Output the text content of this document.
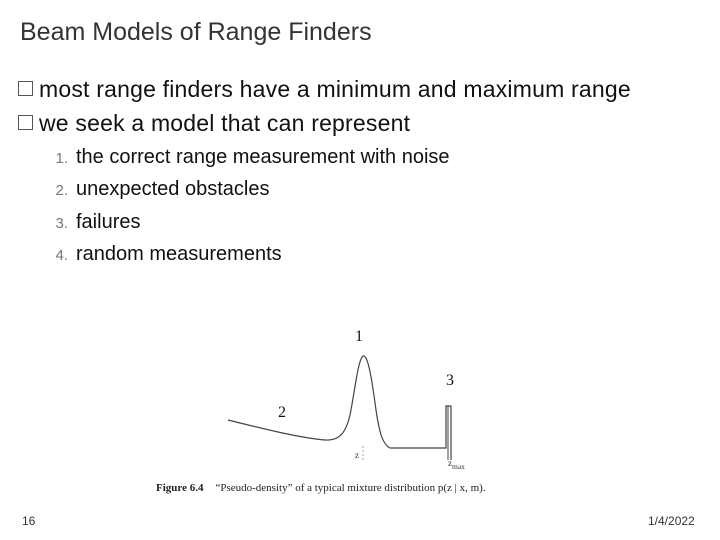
Beam Models of Range Finders
most range finders have a minimum and maximum range
we seek a model that can represent
1. the correct range measurement with noise
2. unexpected obstacles
3. failures
4. random measurements
1
2
3
z
$z_{max}$
Figure 6.4 “Pseudo-density” of a typical mixture distribution p(z | x, m).
16	1/4/2022
